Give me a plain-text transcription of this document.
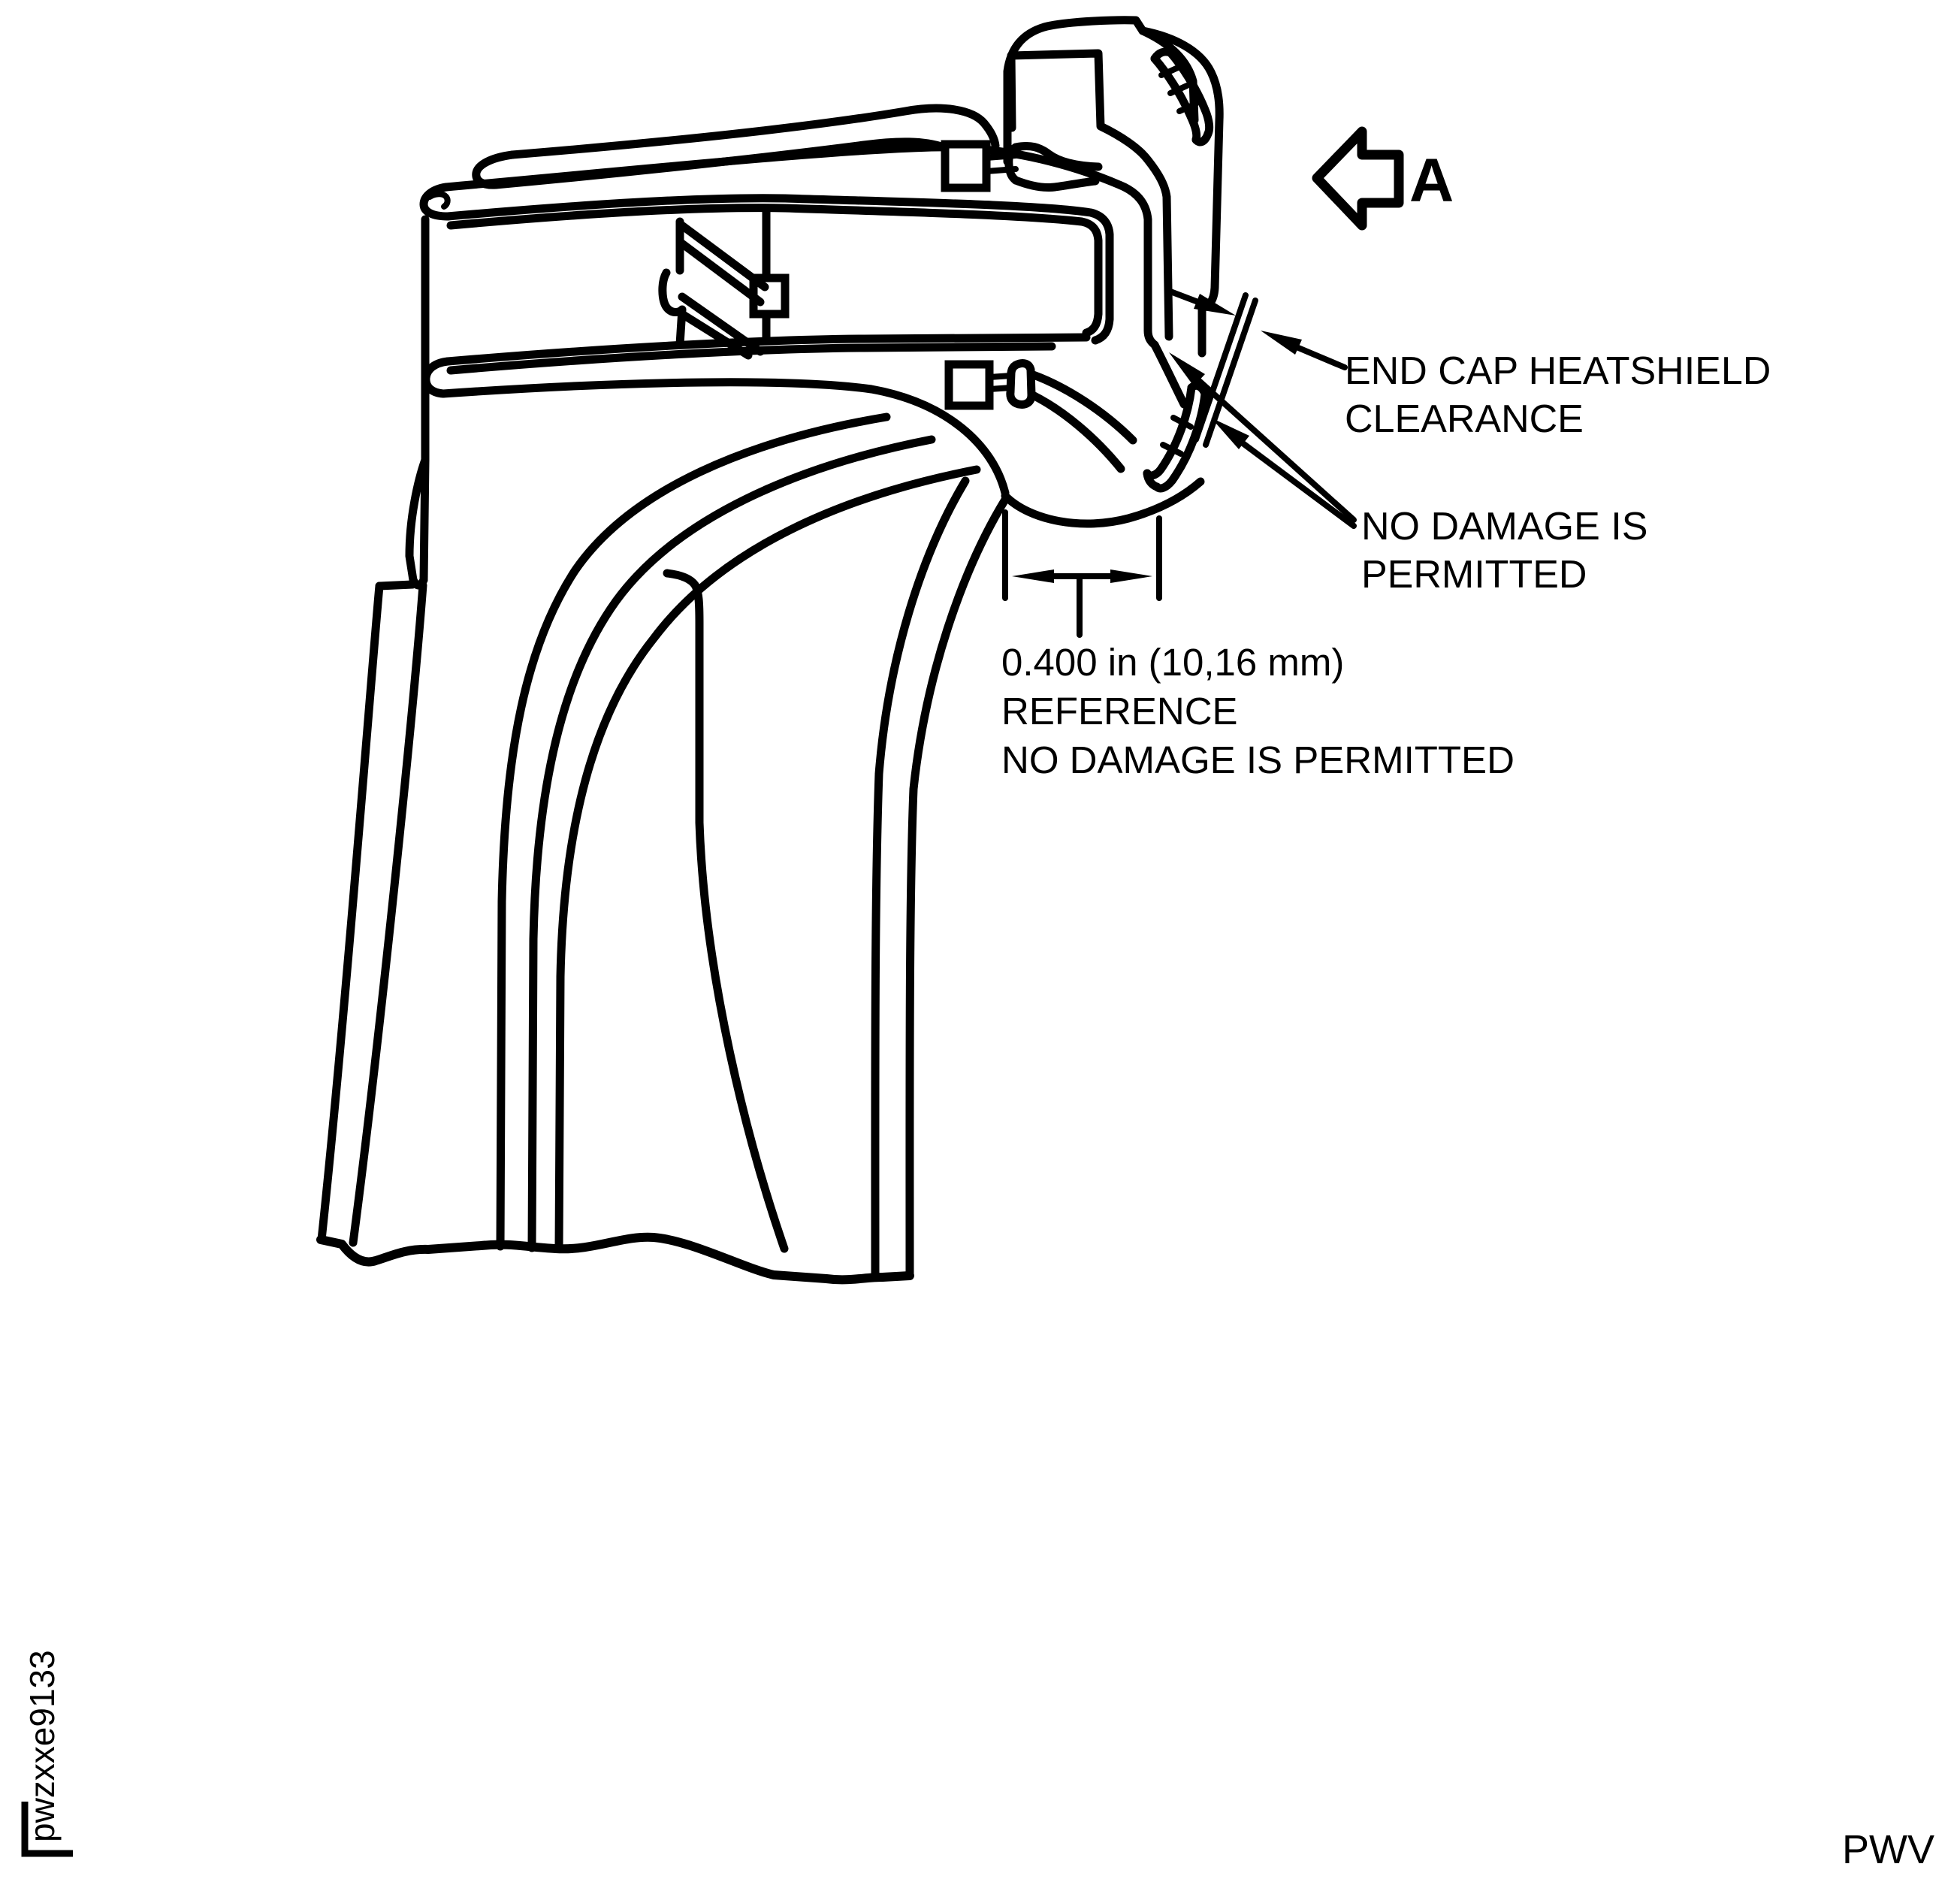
A
END CAP HEATSHIELD
CLEARANCE
NO DAMAGE IS
PERMITTED
0.400 in (10,16 mm)
REFERENCE
NO DAMAGE IS PERMITTED
pwzxxe9133
PWV
